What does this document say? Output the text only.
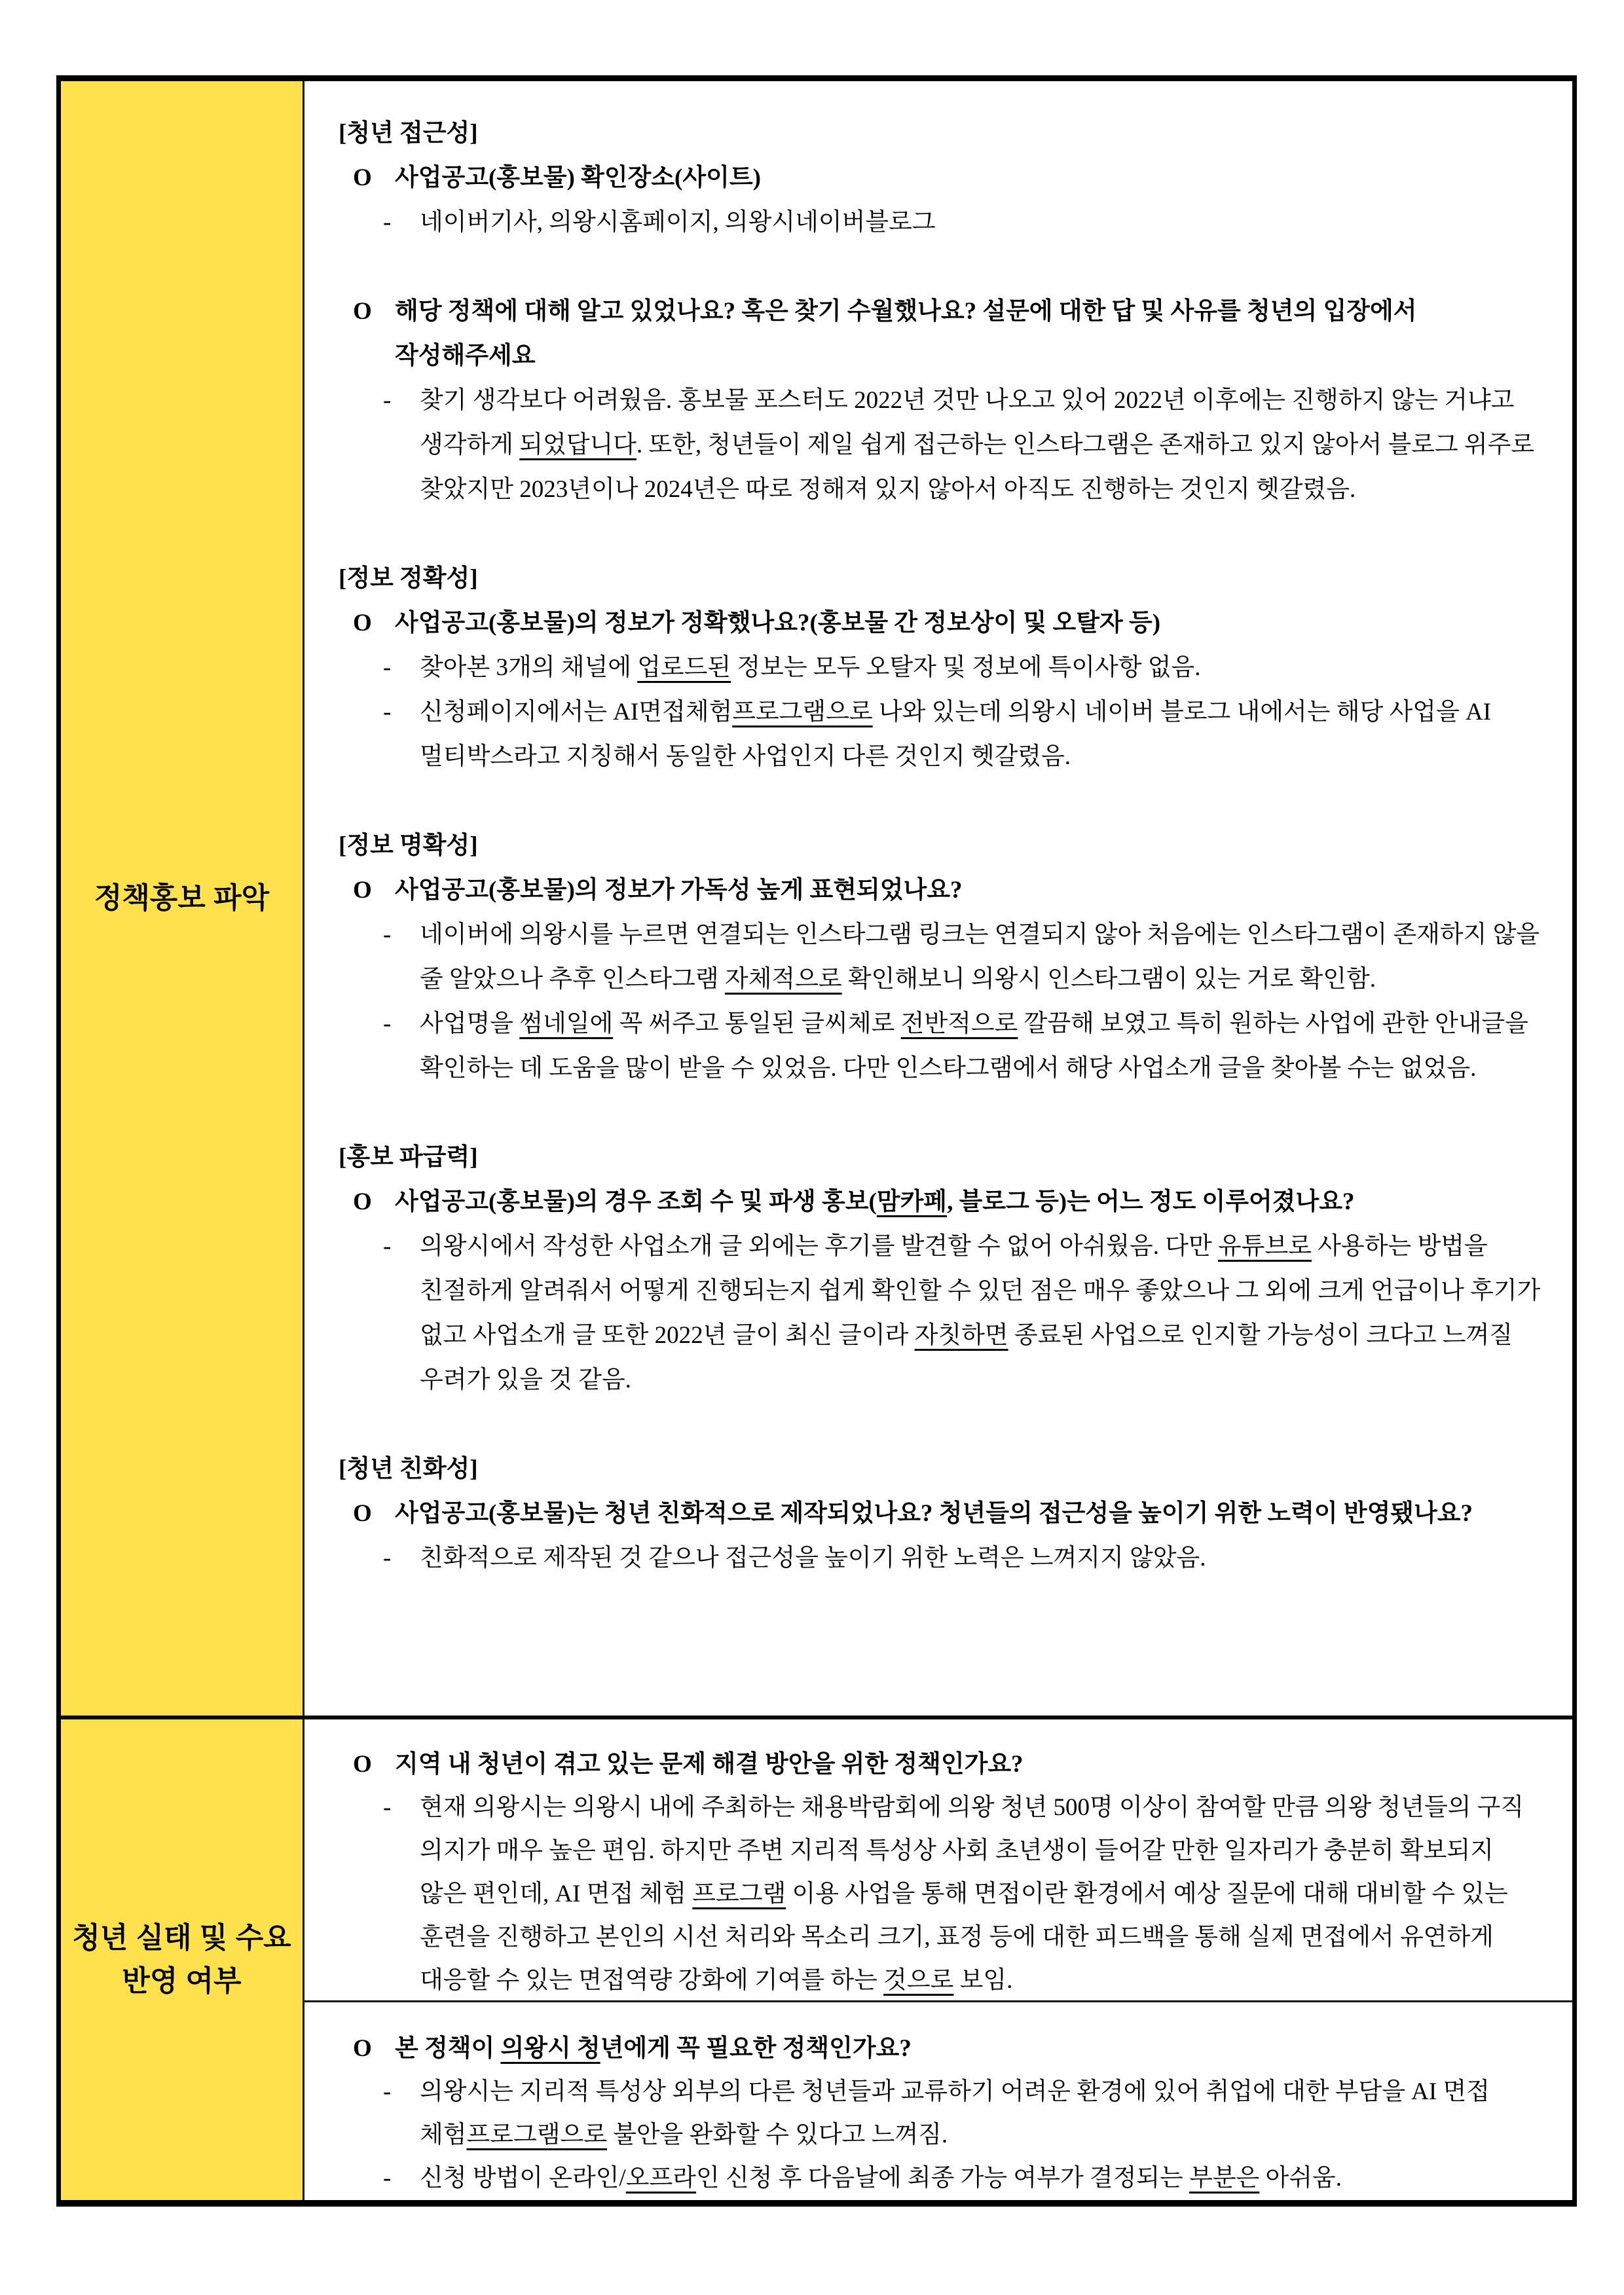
정책홍보 파악
[청년 접근성]
O 사업공고(홍보물) 확인장소(사이트)
- 네이버기사, 의왕시홈페이지, 의왕시네이버블로그
O 해당 정책에 대해 알고 있었나요? 혹은 찾기 수월했나요? 설문에 대한 답 및 사유를 청년의 입장에서 작성해주세요
- 찾기 생각보다 어려웠음. 홍보물 포스터도 2022년 것만 나오고 있어 2022년 이후에는 진행하지 않는 거냐고 생각하게 되었답니다. 또한, 청년들이 제일 쉽게 접근하는 인스타그램은 존재하고 있지 않아서 블로그 위주로 찾았지만 2023년이나 2024년은 따로 정해져 있지 않아서 아직도 진행하는 것인지 헷갈렸음.
[정보 정확성]
O 사업공고(홍보물)의 정보가 정확했나요?(홍보물 간 정보상이 및 오탈자 등)
- 찾아본 3개의 채널에 업로드된 정보는 모두 오탈자 및 정보에 특이사항 없음.
- 신청페이지에서는 AI면접체험프로그램으로 나와 있는데 의왕시 네이버 블로그 내에서는 해당 사업을 AI 멀티박스라고 지칭해서 동일한 사업인지 다른 것인지 헷갈렸음.
[정보 명확성]
O 사업공고(홍보물)의 정보가 가독성 높게 표현되었나요?
- 네이버에 의왕시를 누르면 연결되는 인스타그램 링크는 연결되지 않아 처음에는 인스타그램이 존재하지 않을 줄 알았으나 추후 인스타그램 자체적으로 확인해보니 의왕시 인스타그램이 있는 거로 확인함.
- 사업명을 썸네일에 꼭 써주고 통일된 글씨체로 전반적으로 깔끔해 보였고 특히 원하는 사업에 관한 안내글을 확인하는 데 도움을 많이 받을 수 있었음. 다만 인스타그램에서 해당 사업소개 글을 찾아볼 수는 없었음.
[홍보 파급력]
O 사업공고(홍보물)의 경우 조회 수 및 파생 홍보(맘카페, 블로그 등)는 어느 정도 이루어졌나요?
- 의왕시에서 작성한 사업소개 글 외에는 후기를 발견할 수 없어 아쉬웠음. 다만 유튜브로 사용하는 방법을 친절하게 알려줘서 어떻게 진행되는지 쉽게 확인할 수 있던 점은 매우 좋았으나 그 외에 크게 언급이나 후기가 없고 사업소개 글 또한 2022년 글이 최신 글이라 자칫하면 종료된 사업으로 인지할 가능성이 크다고 느껴질 우려가 있을 것 같음.
[청년 친화성]
O 사업공고(홍보물)는 청년 친화적으로 제작되었나요? 청년들의 접근성을 높이기 위한 노력이 반영됐나요?
- 친화적으로 제작된 것 같으나 접근성을 높이기 위한 노력은 느껴지지 않았음.
청년 실태 및 수요 반영 여부
O 지역 내 청년이 겪고 있는 문제 해결 방안을 위한 정책인가요?
- 현재 의왕시는 의왕시 내에 주최하는 채용박람회에 의왕 청년 500명 이상이 참여할 만큼 의왕 청년들의 구직 의지가 매우 높은 편임. 하지만 주변 지리적 특성상 사회 초년생이 들어갈 만한 일자리가 충분히 확보되지 않은 편인데, AI 면접 체험 프로그램 이용 사업을 통해 면접이란 환경에서 예상 질문에 대해 대비할 수 있는 훈련을 진행하고 본인의 시선 처리와 목소리 크기, 표정 등에 대한 피드백을 통해 실제 면접에서 유연하게 대응할 수 있는 면접역량 강화에 기여를 하는 것으로 보임.
O 본 정책이 의왕시 청년에게 꼭 필요한 정책인가요?
- 의왕시는 지리적 특성상 외부의 다른 청년들과 교류하기 어려운 환경에 있어 취업에 대한 부담을 AI 면접 체험프로그램으로 불안을 완화할 수 있다고 느껴짐.
- 신청 방법이 온라인/오프라인 신청 후 다음날에 최종 가능 여부가 결정되는 부분은 아쉬움.
